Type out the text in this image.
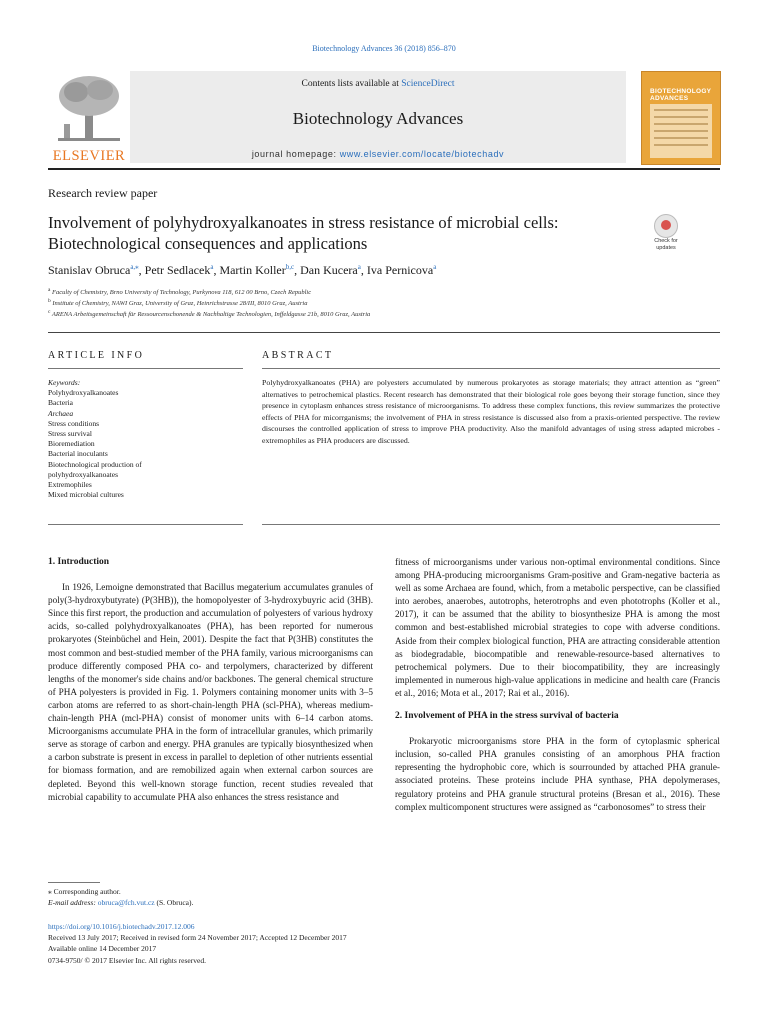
Biotechnology Advances 36 (2018) 856–870
ELSEVIER
Contents lists available at ScienceDirect
Biotechnology Advances
journal homepage: www.elsevier.com/locate/biotechadv
BIOTECHNOLOGY ADVANCES
Research review paper
Involvement of polyhydroxyalkanoates in stress resistance of microbial cells:
Biotechnological consequences and applications	Check for
updates
Stanislav Obruca$^{a,⁎}$, Petr Sedlacek$^a$, Martin Koller$^{b,c}$, Dan Kucera$^a$, Iva Pernicova$^a$
$^a$ Faculty of Chemistry, Brno University of Technology, Purkynova 118, 612 00 Brno, Czech Republic
$^b$ Institute of Chemistry, NAWI Graz, University of Graz, Heinrichstrasse 28/III, 8010 Graz, Austria
$^c$ ARENA Arbeitsgemeinschaft für Ressourcenschonende & Nachhaltige Technologien, Inffeldgasse 21b, 8010 Graz, Austria
ARTICLE INFO	ABSTRACT
Keywords:
Polyhydroxyalkanoates
Bacteria
Archaea
Stress conditions
Stress survival
Bioremediation
Bacterial inoculants
Biotechnological production of
polyhydroxyalkanoates
Extremophiles
Mixed microbial cultures
Polyhydroxyalkanoates (PHA) are polyesters accumulated by numerous prokaryotes as storage materials; they attract attention as “green” alternatives to petrochemical plastics. Recent research has demonstrated that their biological role goes beyong their storage function, since they presence in cytoplasm enhances stress resistance of microorganisms. To address these complex functions, this review summarizes the protective effects of PHA for micorrganisms; the involvement of PHA in stress resistance is discussed also from a praxis-oriented perspective. The review discourses the controlled application of stress to improve PHA productivity. Also the manifold advantages of using stress adapted microbes - extremophiles as PHA producers are discussed.
1. Introduction

In 1926, Lemoigne demonstrated that Bacillus megaterium accumulates granules of poly(3-hydroxybutyrate) (P(3HB)), the homopolyester of 3-hydroxybuyric acid (3HB). Since this first report, the production and accumulation of polyesters of various hydroxy acids, so-called polyhydroxyalkanoates (PHA), has been reported for numerous prokaryotes (Steinbüchel and Hein, 2001). Despite the fact that P(3HB) constitutes the most common and best-studied member of the PHA family, various microorganisms can produce differently composed PHA co- and terpolymers, characterized by different lengths of the monomer's side chains and/or backbones. The general chemical structure of PHA polyesters is provided in Fig. 1. Polymers containing monomer units with 3–5 carbon atoms are referred to as short-chain-length PHA (scl-PHA), whereas medium-chain-length PHA (mcl-PHA) consist of monomer units with 6–14 carbon atoms. Microorganisms accumulate PHA in the form of intracellular granules, which primarily serve as storage of carbon and energy. PHA granules are typically biosynthesized when a carbon substrate is present in excess in parallel to depletion of other nutrients essential for biomass formation, and are remobilized again when external carbon sources are depleted. Beyond this well-known storage function, recent studies revealed that microbial capability to accumulate PHA also enhances the stress resistance and

fitness of microorganisms under various non-optimal environmental conditions. Since among PHA-producing microorganisms Gram-positive and Gram-negative bacteria as well as some Archaea are found, which, from a metabolic perspective, can be classified into aerobes, anaerobes, autotrophs, heterotrophs and even phototrophs (Koller et al., 2017), it can be assumed that the ability to biosynthesize PHA is among the most common and best-established microbial strategies to cope with adverse conditions. Aside from their complex biological function, PHA are attracting considerable attention as biodegradable, biocompatible and renewable-resource-based alternatives to petrochemical polymers. Due to their biocompatibility, they are increasingly implemented in numerous high-value applications in medicine and health care (Francis et al., 2016; Mota et al., 2017; Rai et al., 2016).

2. Involvement of PHA in the stress survival of bacteria

Prokaryotic microorganisms store PHA in the form of cytoplasmic spherical inclusion, so-called PHA granules consisting of an amorphous PHA fraction representing the hydrophobic core, which is sourrounded by attached PHA granule-associated proteins. These proteins include PHA synthase, PHA depolymerases, regulatory proteins and PHA granule structural proteins (Bresan et al., 2016). These complex multicomponent structures were assigned as “carbonosomes” to stress their

⁎ Corresponding author.
E-mail address: obruca@fch.vut.cz (S. Obruca).
https://doi.org/10.1016/j.biotechadv.2017.12.006
Received 13 July 2017; Received in revised form 24 November 2017; Accepted 12 December 2017
Available online 14 December 2017
0734-9750/ © 2017 Elsevier Inc. All rights reserved.
